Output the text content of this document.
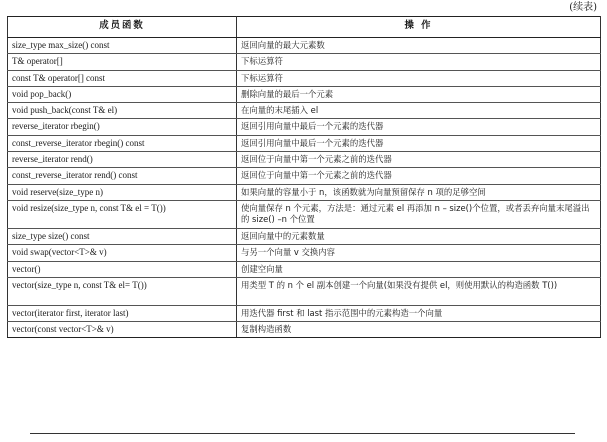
(续表)
成员函数	操 作
size_type max_size() const	返回向量的最大元素数
T& operator[]	下标运算符
const T& operator[] const	下标运算符
void pop_back()	删除向量的最后一个元素
void push_back(const T& el)	在向量的末尾插入 el
reverse_iterator rbegin()	返回引用向量中最后一个元素的迭代器
const_reverse_iterator rbegin() const	返回引用向量中最后一个元素的迭代器
reverse_iterator rend()	返回位于向量中第一个元素之前的迭代器
const_reverse_iterator rend() const	返回位于向量中第一个元素之前的迭代器
void reserve(size_type n)	如果向量的容量小于 n，该函数就为向量预留保存 n 项的足够空间
void resize(size_type n, const T& el = T())	使向量保存 n 个元素，方法是：通过元素 el 再添加 n – size()个位置，或者丢弃向量末尾溢出的 size() –n 个位置
size_type size() const	返回向量中的元素数量
void swap(vector<T>& v)	与另一个向量 v 交换内容
vector()	创建空向量
vector(size_type n, const T& el= T())	用类型 T 的 n 个 el 副本创建一个向量(如果没有提供 el，则使用默认的构造函数 T())
vector(iterator first, iterator last)	用迭代器 first 和 last 指示范围中的元素构造一个向量
vector(const vector<T>& v)	复制构造函数
